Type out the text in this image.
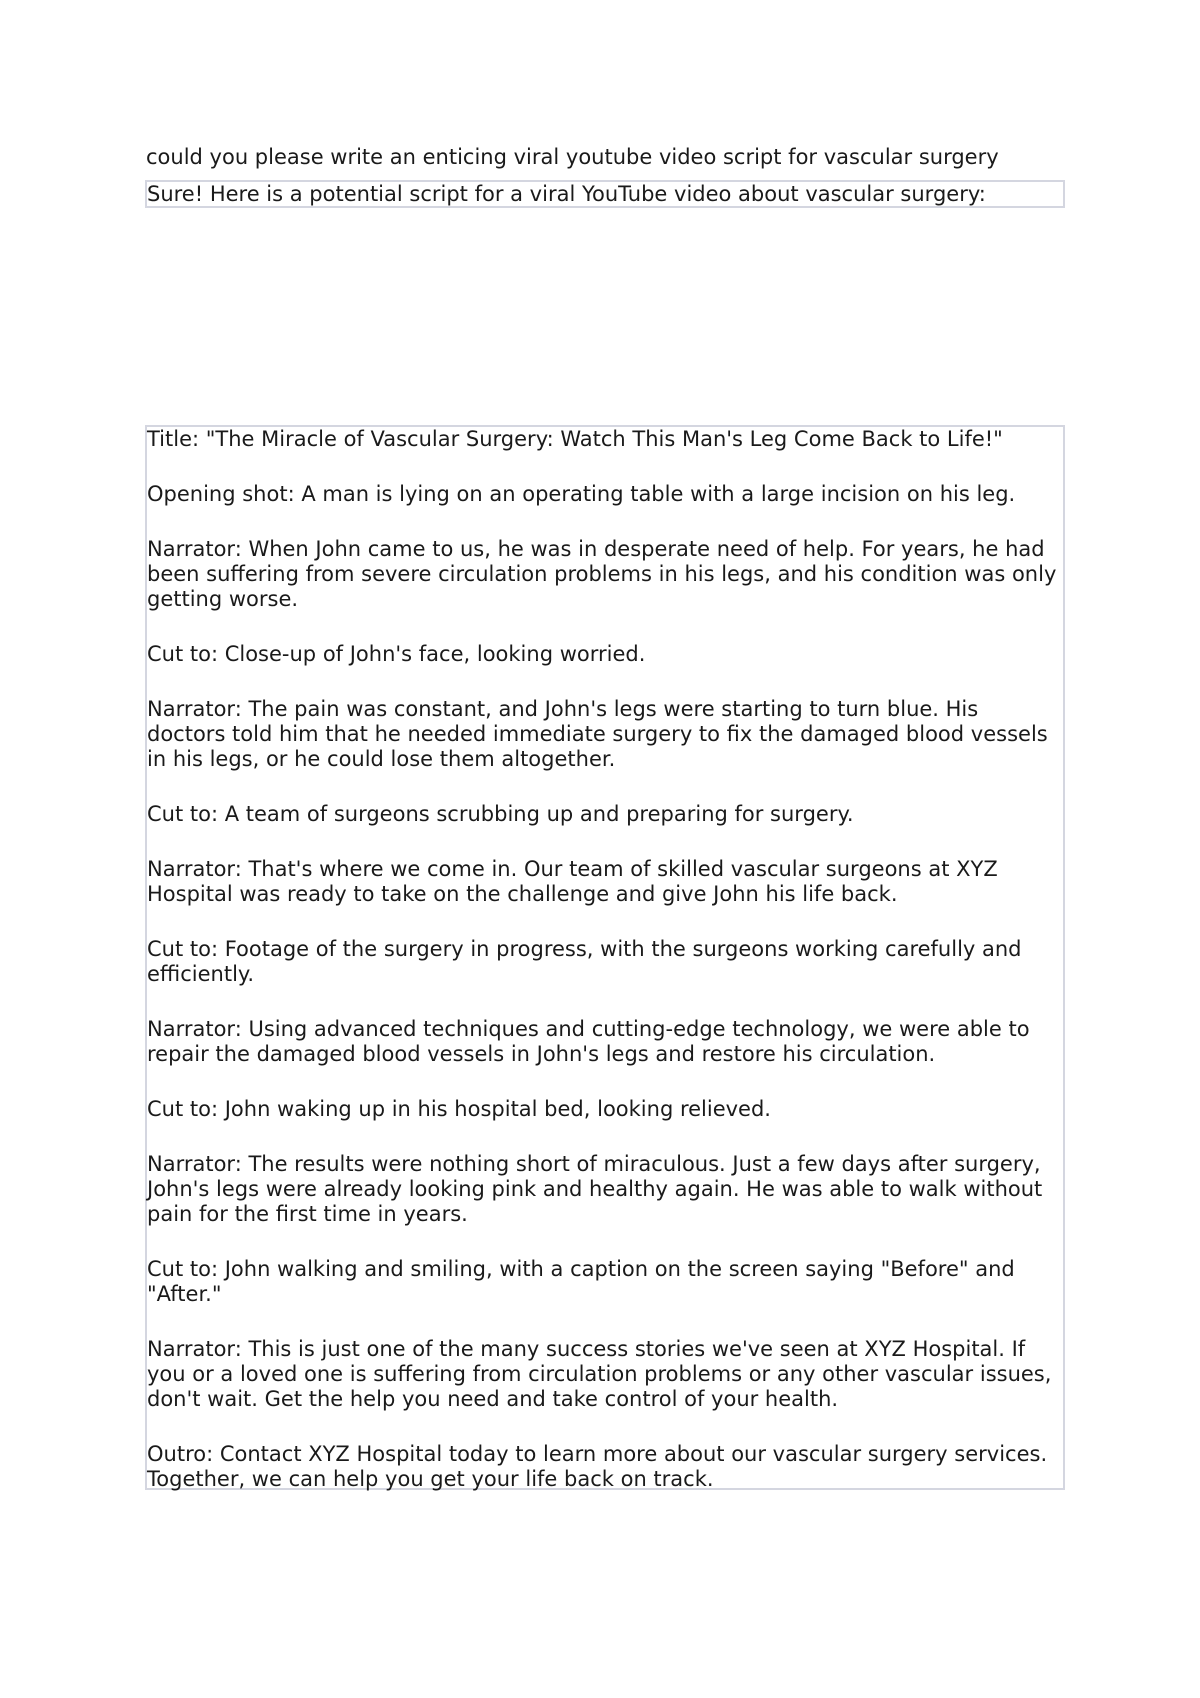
could you please write an enticing viral youtube video script for vascular surgery
Sure! Here is a potential script for a viral YouTube video about vascular surgery:

Title: "The Miracle of Vascular Surgery: Watch This Man's Leg Come Back to Life!"

Opening shot: A man is lying on an operating table with a large incision on his leg.

Narrator: When John came to us, he was in desperate need of help. For years, he had been suffering from severe circulation problems in his legs, and his condition was only getting worse.

Cut to: Close-up of John's face, looking worried.

Narrator: The pain was constant, and John's legs were starting to turn blue. His doctors told him that he needed immediate surgery to fix the damaged blood vessels in his legs, or he could lose them altogether.

Cut to: A team of surgeons scrubbing up and preparing for surgery.

Narrator: That's where we come in. Our team of skilled vascular surgeons at XYZ Hospital was ready to take on the challenge and give John his life back.

Cut to: Footage of the surgery in progress, with the surgeons working carefully and efficiently.

Narrator: Using advanced techniques and cutting-edge technology, we were able to repair the damaged blood vessels in John's legs and restore his circulation.

Cut to: John waking up in his hospital bed, looking relieved.

Narrator: The results were nothing short of miraculous. Just a few days after surgery, John's legs were already looking pink and healthy again. He was able to walk without pain for the first time in years.

Cut to: John walking and smiling, with a caption on the screen saying "Before" and "After."

Narrator: This is just one of the many success stories we've seen at XYZ Hospital. If you or a loved one is suffering from circulation problems or any other vascular issues, don't wait. Get the help you need and take control of your health.

Outro: Contact XYZ Hospital today to learn more about our vascular surgery services. Together, we can help you get your life back on track.
